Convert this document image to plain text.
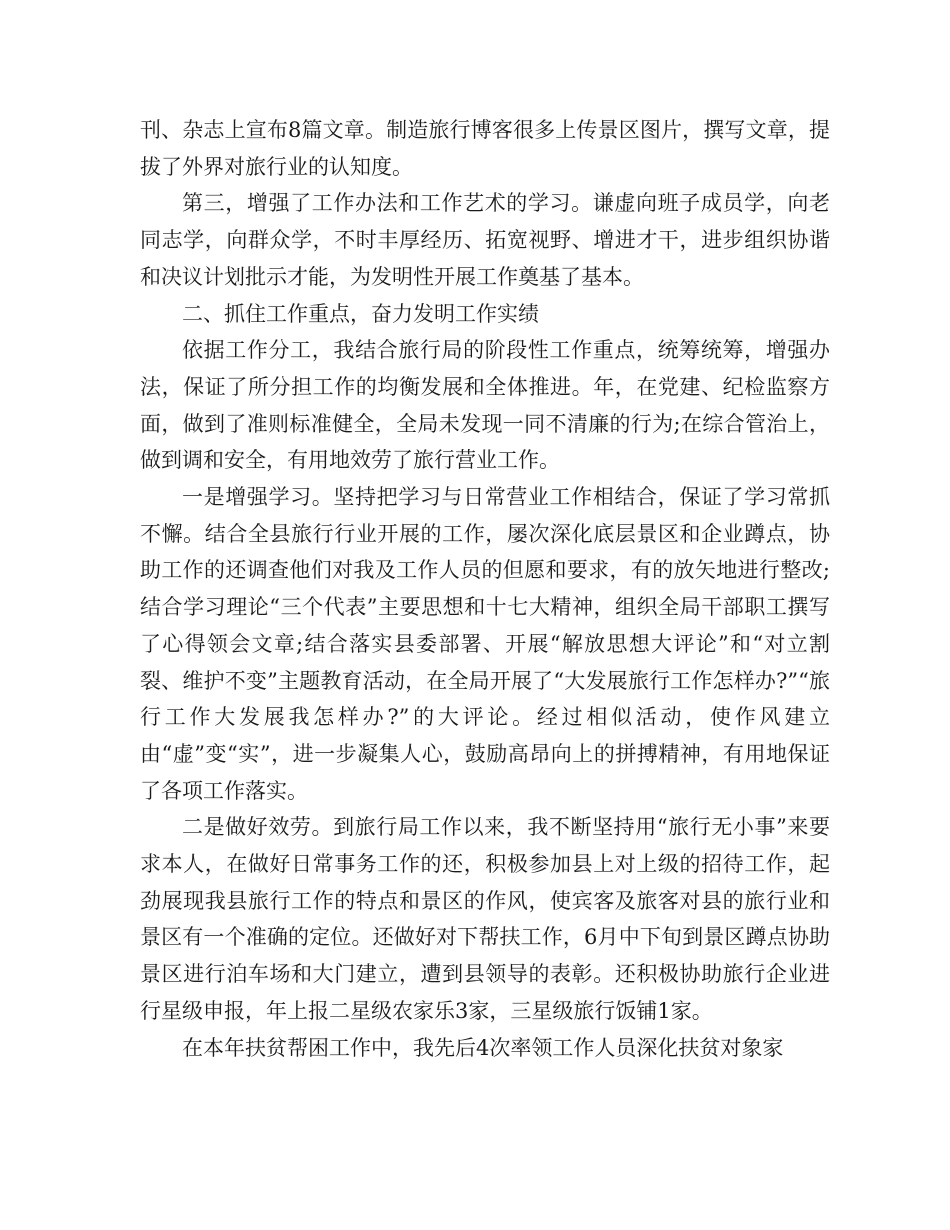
刊、杂志上宣布8篇文章。制造旅行博客很多上传景区图片，撰写文章，提拔了外界对旅行业的认知度。

第三，增强了工作办法和工作艺术的学习。谦虚向班子成员学，向老同志学，向群众学，不时丰厚经历、拓宽视野、增进才干，进步组织协谐和决议计划批示才能，为发明性开展工作奠基了基本。

二、抓住工作重点，奋力发明工作实绩

依据工作分工，我结合旅行局的阶段性工作重点，统筹统筹，增强办法，保证了所分担工作的均衡发展和全体推进。年，在党建、纪检监察方面，做到了准则标准健全，全局未发现一同不清廉的行为;在综合管治上，做到调和安全，有用地效劳了旅行营业工作。

一是增强学习。坚持把学习与日常营业工作相结合，保证了学习常抓不懈。结合全县旅行行业开展的工作，屡次深化底层景区和企业蹲点，协助工作的还调查他们对我及工作人员的但愿和要求，有的放矢地进行整改;结合学习理论“三个代表”主要思想和十七大精神，组织全局干部职工撰写了心得领会文章;结合落实县委部署、开展“解放思想大评论”和“对立割裂、维护不变”主题教育活动，在全局开展了“大发展旅行工作怎样办?”“旅行工作大发展我怎样办?”的大评论。经过相似活动，使作风建立由“虚”变“实”，进一步凝集人心，鼓励高昂向上的拼搏精神，有用地保证了各项工作落实。

二是做好效劳。到旅行局工作以来，我不断坚持用“旅行无小事”来要求本人，在做好日常事务工作的还，积极参加县上对上级的招待工作，起劲展现我县旅行工作的特点和景区的作风，使宾客及旅客对县的旅行业和景区有一个准确的定位。还做好对下帮扶工作，6月中下旬到景区蹲点协助景区进行泊车场和大门建立，遭到县领导的表彰。还积极协助旅行企业进行星级申报，年上报二星级农家乐3家，三星级旅行饭铺1家。

在本年扶贫帮困工作中，我先后4次率领工作人员深化扶贫对象家
